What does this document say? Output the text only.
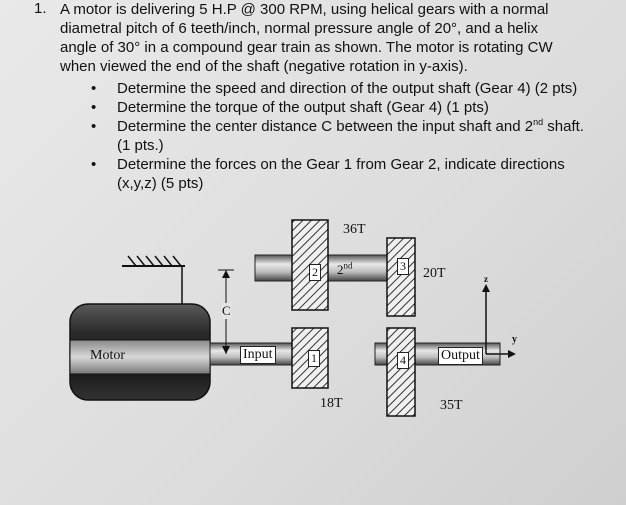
1. A motor is delivering 5 H.P @ 300 RPM, using helical gears with a normal

diametral pitch of 6 teeth/inch, normal pressure angle of 20°, and a helix

angle of 30° in a compound gear train as shown. The motor is rotating CW

when viewed the end of the shaft (negative rotation in y-axis).

• Determine the speed and direction of the output shaft (Gear 4) (2 pts)
• Determine the torque of the output shaft (Gear 4) (1 pts)
• Determine the center distance C between the input shaft and 2nd shaft.
(1 pts.)
• Determine the forces on the Gear 1 from Gear 2, indicate directions
(x,y,z) (5 pts)
36T
20T
18T	35T
2 2nd	3
1	4
C
Motor	Input	Output
z
y
